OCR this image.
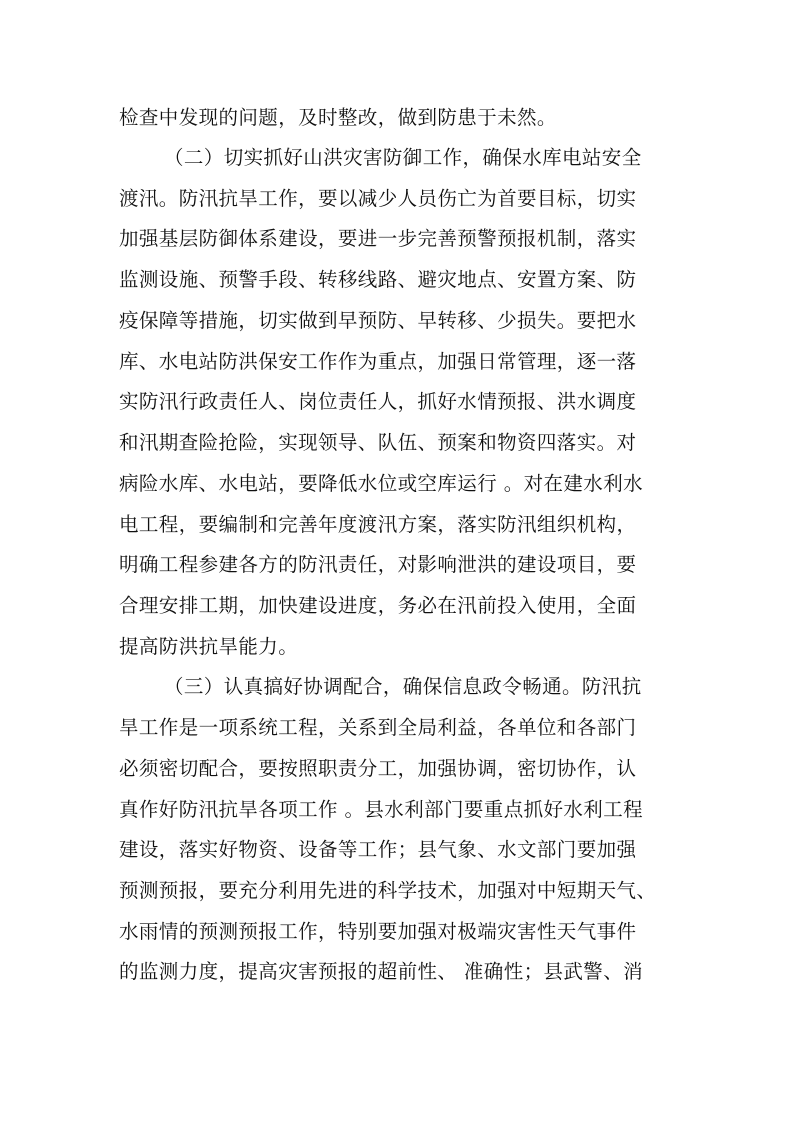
检查中发现的问题，及时整改，做到防患于未然。
（二）切实抓好山洪灾害防御工作，确保水库电站安全
渡汛。防汛抗旱工作，要以减少人员伤亡为首要目标，切实
加强基层防御体系建设，要进一步完善预警预报机制，落实
监测设施、预警手段、转移线路、避灾地点、安置方案、防
疫保障等措施，切实做到早预防、早转移、少损失。要把水
库、水电站防洪保安工作作为重点，加强日常管理，逐一落
实防汛行政责任人、岗位责任人，抓好水情预报、洪水调度
和汛期查险抢险，实现领导、队伍、预案和物资四落实。对
病险水库、水电站，要降低水位或空库运行 。对在建水利水
电工程，要编制和完善年度渡汛方案，落实防汛组织机构，
明确工程参建各方的防汛责任，对影响泄洪的建设项目，要
合理安排工期，加快建设进度，务必在汛前投入使用，全面
提高防洪抗旱能力。
（三）认真搞好协调配合，确保信息政令畅通。防汛抗
旱工作是一项系统工程，关系到全局利益，各单位和各部门
必须密切配合，要按照职责分工，加强协调，密切协作，认
真作好防汛抗旱各项工作 。县水利部门要重点抓好水利工程
建设，落实好物资、设备等工作；县气象、水文部门要加强
预测预报，要充分利用先进的科学技术，加强对中短期天气、
水雨情的预测预报工作，特别要加强对极端灾害性天气事件
的监测力度，提高灾害预报的超前性、 准确性；县武警、消
